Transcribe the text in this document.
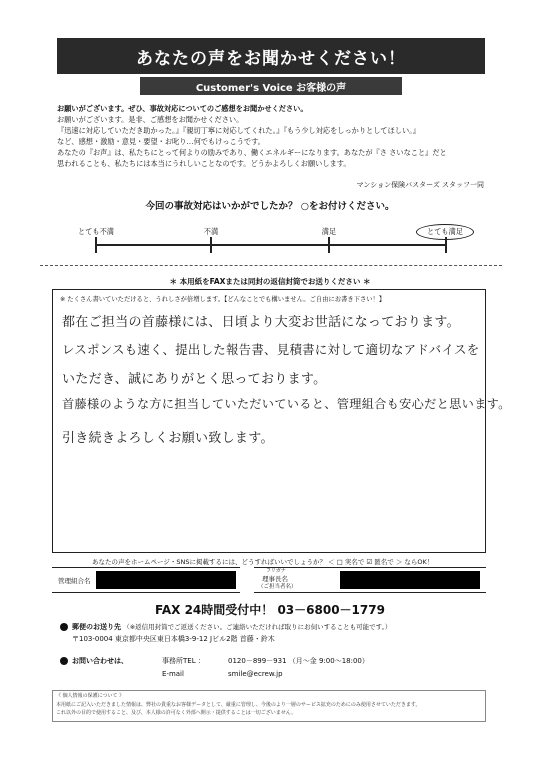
あなたの声をお聞かせください！
Customer's Voice お客様の声
お願いがございます。ぜひ、事故対応についてのご感想をお聞かせください。
お願いがございます。是非、ご感想をお聞かせください。
『迅速に対応していただき助かった。』『親切丁寧に対応してくれた。』『もう少し対応をしっかりとしてほしい。』
など、感想・激励・意見・要望・お叱り…何でもけっこうです。
あなたの『お声』は、私たちにとって何よりの励みであり、働くエネルギーになります。あなたが『さ さいなこと』だと
思われることも、私たちには本当にうれしいことなのです。どうかよろしくお願いします。
マンション保険バスターズ スタッフ一同
今回の事故対応はいかがでしたか？ ○をお付けください。
とても不満	不満	満足	とても満足
＊ 本用紙をFAXまたは同封の返信封筒でお送りください ＊
※ たくさん書いていただけると、うれしさが倍増します。【どんなことでも構いません。ご自由にお書き下さい！】
都在ご担当の首藤様には、日頃より大変お世話になっております。
レスポンスも速く、提出した報告書、見積書に対して適切なアドバイスを
いただき、誠にありがとく思っております。
首藤様のような方に担当していただいていると、管理組合も安心だと思います。
引き続きよろしくお願い致します。
あなたの声をホームページ・SNSに掲載するには、どうすればいいでしょうか？ ＜ □ 実名で ☑ 匿名で ＞ ならOK！
管理組合名
フリガナ
理事長名
（ご担当者名）
FAX 24時間受付中！ 03－6800－1779
郵便のお送り先 （※返信用封筒でご返送ください。ご連絡いただければ取りにお伺いすることも可能です。）
〒103-0004 東京都中央区東日本橋3-9-12 Jビル2階 首藤・鈴木
お問い合わせは、	事務所TEL ：	0120－899－931 （月～金 9:00～18:00）
E-mail	smile@ecrew.jp
《 個人情報の保護について 》
本用紙にご記入いただきました情報は、弊社の貴重なお客様データとして、厳重に管理し、今後のより一層のサービス拡充のためにのみ使用させていただきます。
これ以外の目的で使用すること、及び、本人様の許可なく外部へ開示・提供することは一切ございません。
